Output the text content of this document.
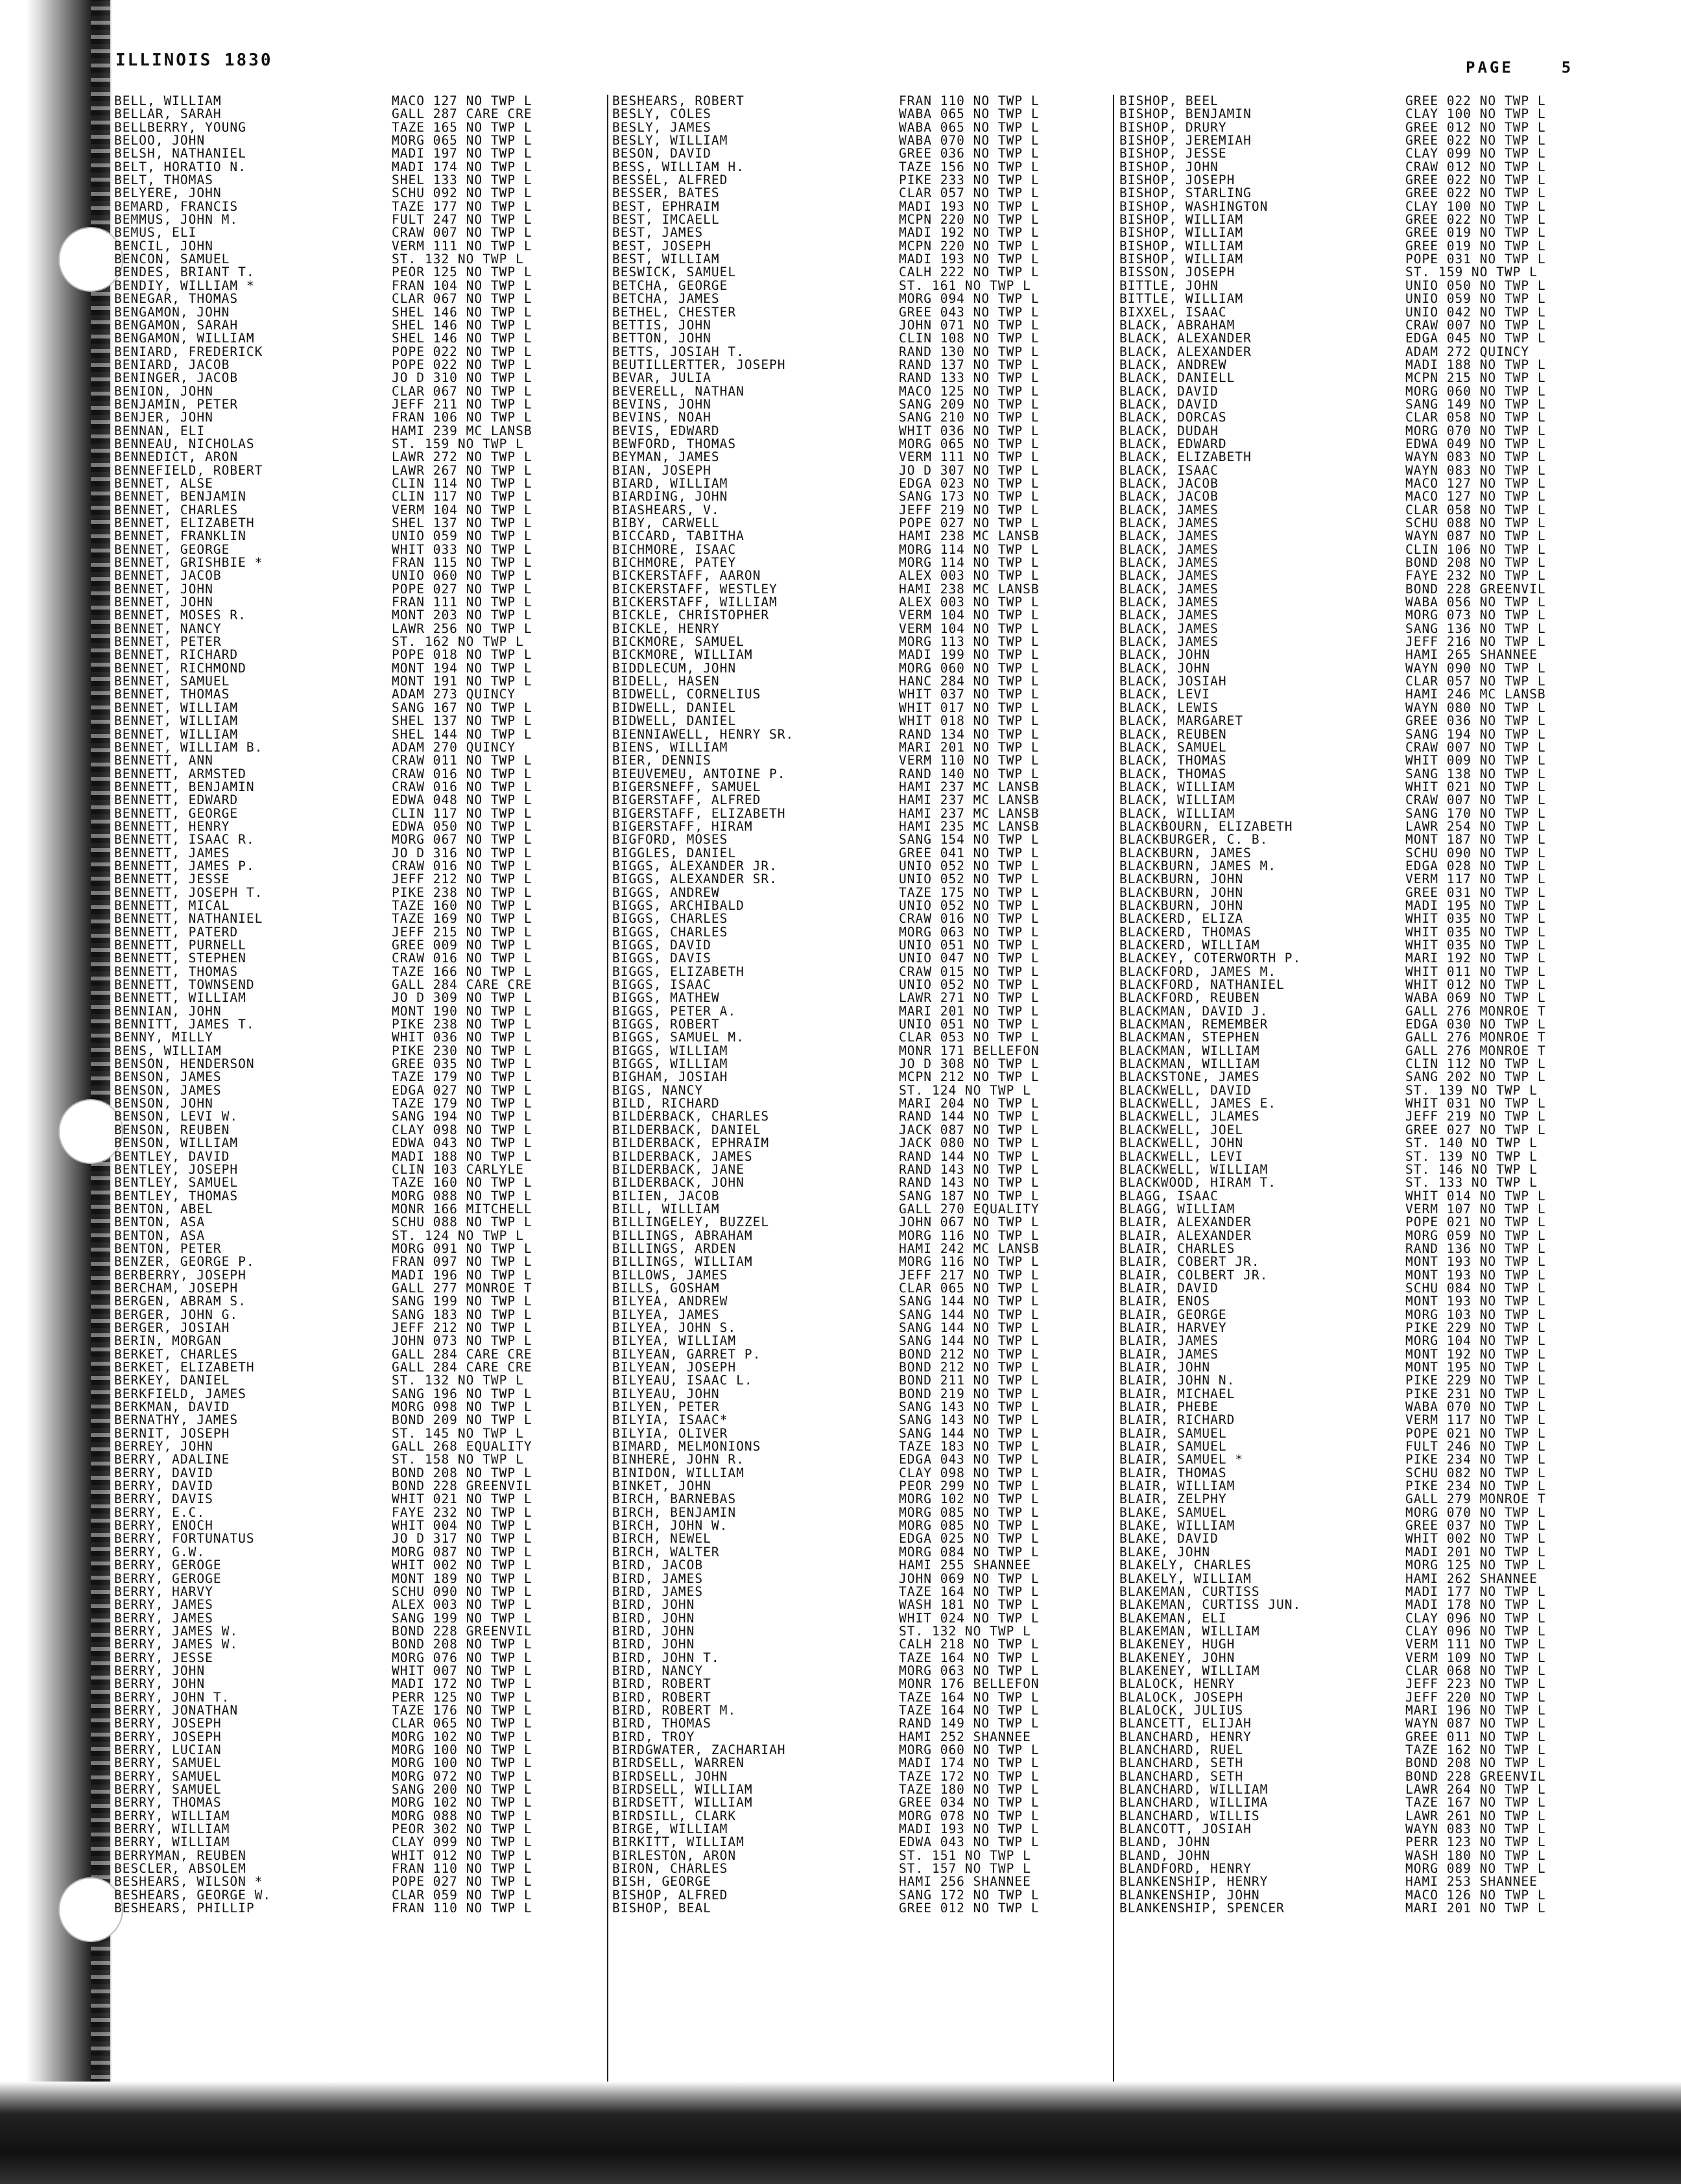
ILLINOIS 1830	PAGE	5
BELL, WILLIAM	MACO 127 NO TWP L	BESHEARS, ROBERT	FRAN 110 NO TWP L	BISHOP, BEEL	GREE 022 NO TWP L
BELLAR, SARAH	GALL 287 CARE CRE	BESLY, COLES	WABA 065 NO TWP L	BISHOP, BENJAMIN	CLAY 100 NO TWP L
BELLBERRY, YOUNG	TAZE 165 NO TWP L	BESLY, JAMES	WABA 065 NO TWP L	BISHOP, DRURY	GREE 012 NO TWP L
BELOO, JOHN	MORG 065 NO TWP L	BESLY, WILLIAM	WABA 070 NO TWP L	BISHOP, JEREMIAH	GREE 022 NO TWP L
BELSH, NATHANIEL	MADI 197 NO TWP L	BESON, DAVID	GREE 036 NO TWP L	BISHOP, JESSE	CLAY 099 NO TWP L
BELT, HORATIO N.	MADI 174 NO TWP L	BESS, WILLIAM H.	TAZE 156 NO TWP L	BISHOP, JOHN	CRAW 012 NO TWP L
BELT, THOMAS	SHEL 133 NO TWP L	BESSEL, ALFRED	PIKE 233 NO TWP L	BISHOP, JOSEPH	GREE 022 NO TWP L
BELYERE, JOHN	SCHU 092 NO TWP L	BESSER, BATES	CLAR 057 NO TWP L	BISHOP, STARLING	GREE 022 NO TWP L
BEMARD, FRANCIS	TAZE 177 NO TWP L	BEST, EPHRAIM	MADI 193 NO TWP L	BISHOP, WASHINGTON	CLAY 100 NO TWP L
BEMMUS, JOHN M.	FULT 247 NO TWP L	BEST, IMCAELL	MCPN 220 NO TWP L	BISHOP, WILLIAM	GREE 022 NO TWP L
BEMUS, ELI	CRAW 007 NO TWP L	BEST, JAMES	MADI 192 NO TWP L	BISHOP, WILLIAM	GREE 019 NO TWP L
BENCIL, JOHN	VERM 111 NO TWP L	BEST, JOSEPH	MCPN 220 NO TWP L	BISHOP, WILLIAM	GREE 019 NO TWP L
BENCON, SAMUEL	ST. 132 NO TWP L	BEST, WILLIAM	MADI 193 NO TWP L	BISHOP, WILLIAM	POPE 031 NO TWP L
BENDES, BRIANT T.	PEOR 125 NO TWP L	BESWICK, SAMUEL	CALH 222 NO TWP L	BISSON, JOSEPH	ST. 159 NO TWP L
BENDIY, WILLIAM *	FRAN 104 NO TWP L	BETCHA, GEORGE	ST. 161 NO TWP L	BITTLE, JOHN	UNIO 050 NO TWP L
BENEGAR, THOMAS	CLAR 067 NO TWP L	BETCHA, JAMES	MORG 094 NO TWP L	BITTLE, WILLIAM	UNIO 059 NO TWP L
BENGAMON, JOHN	SHEL 146 NO TWP L	BETHEL, CHESTER	GREE 043 NO TWP L	BIXXEL, ISAAC	UNIO 042 NO TWP L
BENGAMON, SARAH	SHEL 146 NO TWP L	BETTIS, JOHN	JOHN 071 NO TWP L	BLACK, ABRAHAM	CRAW 007 NO TWP L
BENGAMON, WILLIAM	SHEL 146 NO TWP L	BETTON, JOHN	CLIN 108 NO TWP L	BLACK, ALEXANDER	EDGA 045 NO TWP L
BENIARD, FREDERICK	POPE 022 NO TWP L	BETTS, JOSIAH T.	RAND 130 NO TWP L	BLACK, ALEXANDER	ADAM 272 QUINCY
BENIARD, JACOB	POPE 022 NO TWP L	BEUTILLERTTER, JOSEPH	RAND 137 NO TWP L	BLACK, ANDREW	MADI 188 NO TWP L
BENINGER, JACOB	JO D 310 NO TWP L	BEVAR, JULIA	RAND 133 NO TWP L	BLACK, DANIELL	MCPN 215 NO TWP L
BENION, JOHN	CLAR 067 NO TWP L	BEVERELL, NATHAN	MACO 125 NO TWP L	BLACK, DAVID	MORG 060 NO TWP L
BENJAMIN, PETER	JEFF 211 NO TWP L	BEVINS, JOHN	SANG 209 NO TWP L	BLACK, DAVID	SANG 149 NO TWP L
BENJER, JOHN	FRAN 106 NO TWP L	BEVINS, NOAH	SANG 210 NO TWP L	BLACK, DORCAS	CLAR 058 NO TWP L
BENNAN, ELI	HAMI 239 MC LANSB	BEVIS, EDWARD	WHIT 036 NO TWP L	BLACK, DUDAH	MORG 070 NO TWP L
BENNEAU, NICHOLAS	ST. 159 NO TWP L	BEWFORD, THOMAS	MORG 065 NO TWP L	BLACK, EDWARD	EDWA 049 NO TWP L
BENNEDICT, ARON	LAWR 272 NO TWP L	BEYMAN, JAMES	VERM 111 NO TWP L	BLACK, ELIZABETH	WAYN 083 NO TWP L
BENNEFIELD, ROBERT	LAWR 267 NO TWP L	BIAN, JOSEPH	JO D 307 NO TWP L	BLACK, ISAAC	WAYN 083 NO TWP L
BENNET, ALSE	CLIN 114 NO TWP L	BIARD, WILLIAM	EDGA 023 NO TWP L	BLACK, JACOB	MACO 127 NO TWP L
BENNET, BENJAMIN	CLIN 117 NO TWP L	BIARDING, JOHN	SANG 173 NO TWP L	BLACK, JACOB	MACO 127 NO TWP L
BENNET, CHARLES	VERM 104 NO TWP L	BIASHEARS, V.	JEFF 219 NO TWP L	BLACK, JAMES	CLAR 058 NO TWP L
BENNET, ELIZABETH	SHEL 137 NO TWP L	BIBY, CARWELL	POPE 027 NO TWP L	BLACK, JAMES	SCHU 088 NO TWP L
BENNET, FRANKLIN	UNIO 059 NO TWP L	BICCARD, TABITHA	HAMI 238 MC LANSB	BLACK, JAMES	WAYN 087 NO TWP L
BENNET, GEORGE	WHIT 033 NO TWP L	BICHMORE, ISAAC	MORG 114 NO TWP L	BLACK, JAMES	CLIN 106 NO TWP L
BENNET, GRISHBIE *	FRAN 115 NO TWP L	BICHMORE, PATEY	MORG 114 NO TWP L	BLACK, JAMES	BOND 208 NO TWP L
BENNET, JACOB	UNIO 060 NO TWP L	BICKERSTAFF, AARON	ALEX 003 NO TWP L	BLACK, JAMES	FAYE 232 NO TWP L
BENNET, JOHN	POPE 027 NO TWP L	BICKERSTAFF, WESTLEY	HAMI 238 MC LANSB	BLACK, JAMES	BOND 228 GREENVIL
BENNET, JOHN	FRAN 111 NO TWP L	BICKERSTAFF, WILLIAM	ALEX 003 NO TWP L	BLACK, JAMES	WABA 056 NO TWP L
BENNET, MOSES R.	MONT 203 NO TWP L	BICKLE, CHRISTOPHER	VERM 104 NO TWP L	BLACK, JAMES	MORG 073 NO TWP L
BENNET, NANCY	LAWR 256 NO TWP L	BICKLE, HENRY	VERM 104 NO TWP L	BLACK, JAMES	SANG 136 NO TWP L
BENNET, PETER	ST. 162 NO TWP L	BICKMORE, SAMUEL	MORG 113 NO TWP L	BLACK, JAMES	JEFF 216 NO TWP L
BENNET, RICHARD	POPE 018 NO TWP L	BICKMORE, WILLIAM	MADI 199 NO TWP L	BLACK, JOHN	HAMI 265 SHANNEE
BENNET, RICHMOND	MONT 194 NO TWP L	BIDDLECUM, JOHN	MORG 060 NO TWP L	BLACK, JOHN	WAYN 090 NO TWP L
BENNET, SAMUEL	MONT 191 NO TWP L	BIDELL, HASEN	HANC 284 NO TWP L	BLACK, JOSIAH	CLAR 057 NO TWP L
BENNET, THOMAS	ADAM 273 QUINCY	BIDWELL, CORNELIUS	WHIT 037 NO TWP L	BLACK, LEVI	HAMI 246 MC LANSB
BENNET, WILLIAM	SANG 167 NO TWP L	BIDWELL, DANIEL	WHIT 017 NO TWP L	BLACK, LEWIS	WAYN 080 NO TWP L
BENNET, WILLIAM	SHEL 137 NO TWP L	BIDWELL, DANIEL	WHIT 018 NO TWP L	BLACK, MARGARET	GREE 036 NO TWP L
BENNET, WILLIAM	SHEL 144 NO TWP L	BIENNIAWELL, HENRY SR.	RAND 134 NO TWP L	BLACK, REUBEN	SANG 194 NO TWP L
BENNET, WILLIAM B.	ADAM 270 QUINCY	BIENS, WILLIAM	MARI 201 NO TWP L	BLACK, SAMUEL	CRAW 007 NO TWP L
BENNETT, ANN	CRAW 011 NO TWP L	BIER, DENNIS	VERM 110 NO TWP L	BLACK, THOMAS	WHIT 009 NO TWP L
BENNETT, ARMSTED	CRAW 016 NO TWP L	BIEUVEMEU, ANTOINE P.	RAND 140 NO TWP L	BLACK, THOMAS	SANG 138 NO TWP L
BENNETT, BENJAMIN	CRAW 016 NO TWP L	BIGERSNEFF, SAMUEL	HAMI 237 MC LANSB	BLACK, WILLIAM	WHIT 021 NO TWP L
BENNETT, EDWARD	EDWA 048 NO TWP L	BIGERSTAFF, ALFRED	HAMI 237 MC LANSB	BLACK, WILLIAM	CRAW 007 NO TWP L
BENNETT, GEORGE	CLIN 117 NO TWP L	BIGERSTAFF, ELIZABETH	HAMI 237 MC LANSB	BLACK, WILLIAM	SANG 170 NO TWP L
BENNETT, HENRY	EDWA 050 NO TWP L	BIGERSTAFF, HIRAM	HAMI 235 MC LANSB	BLACKBOURN, ELIZABETH	LAWR 254 NO TWP L
BENNETT, ISAAC R.	MORG 067 NO TWP L	BIGFORD, MOSES	SANG 154 NO TWP L	BLACKBURGER, C. B.	MONT 187 NO TWP L
BENNETT, JAMES	JO D 316 NO TWP L	BIGGLES, DANIEL	GREE 041 NO TWP L	BLACKBURN, JAMES	SCHU 090 NO TWP L
BENNETT, JAMES P.	CRAW 016 NO TWP L	BIGGS, ALEXANDER JR.	UNIO 052 NO TWP L	BLACKBURN, JAMES M.	EDGA 028 NO TWP L
BENNETT, JESSE	JEFF 212 NO TWP L	BIGGS, ALEXANDER SR.	UNIO 052 NO TWP L	BLACKBURN, JOHN	VERM 117 NO TWP L
BENNETT, JOSEPH T.	PIKE 238 NO TWP L	BIGGS, ANDREW	TAZE 175 NO TWP L	BLACKBURN, JOHN	GREE 031 NO TWP L
BENNETT, MICAL	TAZE 160 NO TWP L	BIGGS, ARCHIBALD	UNIO 052 NO TWP L	BLACKBURN, JOHN	MADI 195 NO TWP L
BENNETT, NATHANIEL	TAZE 169 NO TWP L	BIGGS, CHARLES	CRAW 016 NO TWP L	BLACKERD, ELIZA	WHIT 035 NO TWP L
BENNETT, PATERD	JEFF 215 NO TWP L	BIGGS, CHARLES	MORG 063 NO TWP L	BLACKERD, THOMAS	WHIT 035 NO TWP L
BENNETT, PURNELL	GREE 009 NO TWP L	BIGGS, DAVID	UNIO 051 NO TWP L	BLACKERD, WILLIAM	WHIT 035 NO TWP L
BENNETT, STEPHEN	CRAW 016 NO TWP L	BIGGS, DAVIS	UNIO 047 NO TWP L	BLACKEY, COTERWORTH P.	MARI 192 NO TWP L
BENNETT, THOMAS	TAZE 166 NO TWP L	BIGGS, ELIZABETH	CRAW 015 NO TWP L	BLACKFORD, JAMES M.	WHIT 011 NO TWP L
BENNETT, TOWNSEND	GALL 284 CARE CRE	BIGGS, ISAAC	UNIO 052 NO TWP L	BLACKFORD, NATHANIEL	WHIT 012 NO TWP L
BENNETT, WILLIAM	JO D 309 NO TWP L	BIGGS, MATHEW	LAWR 271 NO TWP L	BLACKFORD, REUBEN	WABA 069 NO TWP L
BENNIAN, JOHN	MONT 190 NO TWP L	BIGGS, PETER A.	MARI 201 NO TWP L	BLACKMAN, DAVID J.	GALL 276 MONROE T
BENNITT, JAMES T.	PIKE 238 NO TWP L	BIGGS, ROBERT	UNIO 051 NO TWP L	BLACKMAN, REMEMBER	EDGA 030 NO TWP L
BENNY, MILLY	WHIT 036 NO TWP L	BIGGS, SAMUEL M.	CLAR 053 NO TWP L	BLACKMAN, STEPHEN	GALL 276 MONROE T
BENS, WILLIAM	PIKE 230 NO TWP L	BIGGS, WILLIAM	MONR 171 BELLEFON	BLACKMAN, WILLIAM	GALL 276 MONROE T
BENSON, HENDERSON	GREE 035 NO TWP L	BIGGS, WILLIAM	JO D 308 NO TWP L	BLACKMAN, WILLIAM	CLIN 112 NO TWP L
BENSON, JAMES	TAZE 179 NO TWP L	BIGHAM, JOSIAH	MCPN 212 NO TWP L	BLACKSTONE, JAMES	SANG 202 NO TWP L
BENSON, JAMES	EDGA 027 NO TWP L	BIGS, NANCY	ST. 124 NO TWP L	BLACKWELL, DAVID	ST. 139 NO TWP L
BENSON, JOHN	TAZE 179 NO TWP L	BILD, RICHARD	MARI 204 NO TWP L	BLACKWELL, JAMES E.	WHIT 031 NO TWP L
BENSON, LEVI W.	SANG 194 NO TWP L	BILDERBACK, CHARLES	RAND 144 NO TWP L	BLACKWELL, JLAMES	JEFF 219 NO TWP L
BENSON, REUBEN	CLAY 098 NO TWP L	BILDERBACK, DANIEL	JACK 087 NO TWP L	BLACKWELL, JOEL	GREE 027 NO TWP L
BENSON, WILLIAM	EDWA 043 NO TWP L	BILDERBACK, EPHRAIM	JACK 080 NO TWP L	BLACKWELL, JOHN	ST. 140 NO TWP L
BENTLEY, DAVID	MADI 188 NO TWP L	BILDERBACK, JAMES	RAND 144 NO TWP L	BLACKWELL, LEVI	ST. 139 NO TWP L
BENTLEY, JOSEPH	CLIN 103 CARLYLE	BILDERBACK, JANE	RAND 143 NO TWP L	BLACKWELL, WILLIAM	ST. 146 NO TWP L
BENTLEY, SAMUEL	TAZE 160 NO TWP L	BILDERBACK, JOHN	RAND 143 NO TWP L	BLACKWOOD, HIRAM T.	ST. 133 NO TWP L
BENTLEY, THOMAS	MORG 088 NO TWP L	BILIEN, JACOB	SANG 187 NO TWP L	BLAGG, ISAAC	WHIT 014 NO TWP L
BENTON, ABEL	MONR 166 MITCHELL	BILL, WILLIAM	GALL 270 EQUALITY	BLAGG, WILLIAM	VERM 107 NO TWP L
BENTON, ASA	SCHU 088 NO TWP L	BILLINGELEY, BUZZEL	JOHN 067 NO TWP L	BLAIR, ALEXANDER	POPE 021 NO TWP L
BENTON, ASA	ST. 124 NO TWP L	BILLINGS, ABRAHAM	MORG 116 NO TWP L	BLAIR, ALEXANDER	MORG 059 NO TWP L
BENTON, PETER	MORG 091 NO TWP L	BILLINGS, ARDEN	HAMI 242 MC LANSB	BLAIR, CHARLES	RAND 136 NO TWP L
BENZER, GEORGE P.	FRAN 097 NO TWP L	BILLINGS, WILLIAM	MORG 116 NO TWP L	BLAIR, COBERT JR.	MONT 193 NO TWP L
BERBERRY, JOSEPH	MADI 196 NO TWP L	BILLOWS, JAMES	JEFF 217 NO TWP L	BLAIR, COLBERT JR.	MONT 193 NO TWP L
BERCHAM, JOSEPH	GALL 277 MONROE T	BILLS, GOSHAM	CLAR 065 NO TWP L	BLAIR, DAVID	SCHU 084 NO TWP L
BERGEN, ABRAM S.	SANG 199 NO TWP L	BILYEA, ANDREW	SANG 144 NO TWP L	BLAIR, ENOS	MONT 193 NO TWP L
BERGER, JOHN G.	SANG 183 NO TWP L	BILYEA, JAMES	SANG 144 NO TWP L	BLAIR, GEORGE	MORG 103 NO TWP L
BERGER, JOSIAH	JEFF 212 NO TWP L	BILYEA, JOHN S.	SANG 144 NO TWP L	BLAIR, HARVEY	PIKE 229 NO TWP L
BERIN, MORGAN	JOHN 073 NO TWP L	BILYEA, WILLIAM	SANG 144 NO TWP L	BLAIR, JAMES	MORG 104 NO TWP L
BERKET, CHARLES	GALL 284 CARE CRE	BILYEAN, GARRET P.	BOND 212 NO TWP L	BLAIR, JAMES	MONT 192 NO TWP L
BERKET, ELIZABETH	GALL 284 CARE CRE	BILYEAN, JOSEPH	BOND 212 NO TWP L	BLAIR, JOHN	MONT 195 NO TWP L
BERKEY, DANIEL	ST. 132 NO TWP L	BILYEAU, ISAAC L.	BOND 211 NO TWP L	BLAIR, JOHN N.	PIKE 229 NO TWP L
BERKFIELD, JAMES	SANG 196 NO TWP L	BILYEAU, JOHN	BOND 219 NO TWP L	BLAIR, MICHAEL	PIKE 231 NO TWP L
BERKMAN, DAVID	MORG 098 NO TWP L	BILYEN, PETER	SANG 143 NO TWP L	BLAIR, PHEBE	WABA 070 NO TWP L
BERNATHY, JAMES	BOND 209 NO TWP L	BILYIA, ISAAC*	SANG 143 NO TWP L	BLAIR, RICHARD	VERM 117 NO TWP L
BERNIT, JOSEPH	ST. 145 NO TWP L	BILYIA, OLIVER	SANG 144 NO TWP L	BLAIR, SAMUEL	POPE 021 NO TWP L
BERREY, JOHN	GALL 268 EQUALITY	BIMARD, MELMONIONS	TAZE 183 NO TWP L	BLAIR, SAMUEL	FULT 246 NO TWP L
BERRY, ADALINE	ST. 158 NO TWP L	BINHERE, JOHN R.	EDGA 043 NO TWP L	BLAIR, SAMUEL *	PIKE 234 NO TWP L
BERRY, DAVID	BOND 208 NO TWP L	BINIDON, WILLIAM	CLAY 098 NO TWP L	BLAIR, THOMAS	SCHU 082 NO TWP L
BERRY, DAVID	BOND 228 GREENVIL	BINKET, JOHN	PEOR 299 NO TWP L	BLAIR, WILLIAM	PIKE 234 NO TWP L
BERRY, DAVIS	WHIT 021 NO TWP L	BIRCH, BARNEBAS	MORG 102 NO TWP L	BLAIR, ZELPHY	GALL 279 MONROE T
BERRY, E.C.	FAYE 232 NO TWP L	BIRCH, BENJAMIN	MORG 085 NO TWP L	BLAKE, SAMUEL	MORG 070 NO TWP L
BERRY, ENOCH	WHIT 004 NO TWP L	BIRCH, JOHN W.	MORG 085 NO TWP L	BLAKE, WILLIAM	GREE 037 NO TWP L
BERRY, FORTUNATUS	JO D 317 NO TWP L	BIRCH, NEWEL	EDGA 025 NO TWP L	BLAKE, DAVID	WHIT 002 NO TWP L
BERRY, G.W.	MORG 087 NO TWP L	BIRCH, WALTER	MORG 084 NO TWP L	BLAKE, JOHN	MADI 201 NO TWP L
BERRY, GEROGE	WHIT 002 NO TWP L	BIRD, JACOB	HAMI 255 SHANNEE	BLAKELY, CHARLES	MORG 125 NO TWP L
BERRY, GEROGE	MONT 189 NO TWP L	BIRD, JAMES	JOHN 069 NO TWP L	BLAKELY, WILLIAM	HAMI 262 SHANNEE
BERRY, HARVY	SCHU 090 NO TWP L	BIRD, JAMES	TAZE 164 NO TWP L	BLAKEMAN, CURTISS	MADI 177 NO TWP L
BERRY, JAMES	ALEX 003 NO TWP L	BIRD, JOHN	WASH 181 NO TWP L	BLAKEMAN, CURTISS JUN.	MADI 178 NO TWP L
BERRY, JAMES	SANG 199 NO TWP L	BIRD, JOHN	WHIT 024 NO TWP L	BLAKEMAN, ELI	CLAY 096 NO TWP L
BERRY, JAMES W.	BOND 228 GREENVIL	BIRD, JOHN	ST. 132 NO TWP L	BLAKEMAN, WILLIAM	CLAY 096 NO TWP L
BERRY, JAMES W.	BOND 208 NO TWP L	BIRD, JOHN	CALH 218 NO TWP L	BLAKENEY, HUGH	VERM 111 NO TWP L
BERRY, JESSE	MORG 076 NO TWP L	BIRD, JOHN T.	TAZE 164 NO TWP L	BLAKENEY, JOHN	VERM 109 NO TWP L
BERRY, JOHN	WHIT 007 NO TWP L	BIRD, NANCY	MORG 063 NO TWP L	BLAKENEY, WILLIAM	CLAR 068 NO TWP L
BERRY, JOHN	MADI 172 NO TWP L	BIRD, ROBERT	MONR 176 BELLEFON	BLALOCK, HENRY	JEFF 223 NO TWP L
BERRY, JOHN T.	PERR 125 NO TWP L	BIRD, ROBERT	TAZE 164 NO TWP L	BLALOCK, JOSEPH	JEFF 220 NO TWP L
BERRY, JONATHAN	TAZE 176 NO TWP L	BIRD, ROBERT M.	TAZE 164 NO TWP L	BLALOCK, JULIUS	MARI 196 NO TWP L
BERRY, JOSEPH	CLAR 065 NO TWP L	BIRD, THOMAS	RAND 149 NO TWP L	BLANCETT, ELIJAH	WAYN 087 NO TWP L
BERRY, JOSEPH	MORG 102 NO TWP L	BIRD, TROY	HAMI 252 SHANNEE	BLANCHARD, HENRY	GREE 011 NO TWP L
BERRY, LUCIAN	MORG 100 NO TWP L	BIRDGWATER, ZACHARIAH	MORG 060 NO TWP L	BLANCHARD, RUEL	TAZE 162 NO TWP L
BERRY, SAMUEL	MORG 100 NO TWP L	BIRDSELL, WARREN	MADI 174 NO TWP L	BLANCHARD, SETH	BOND 208 NO TWP L
BERRY, SAMUEL	MORG 072 NO TWP L	BIRDSELL, JOHN	TAZE 172 NO TWP L	BLANCHARD, SETH	BOND 228 GREENVIL
BERRY, SAMUEL	SANG 200 NO TWP L	BIRDSELL, WILLIAM	TAZE 180 NO TWP L	BLANCHARD, WILLIAM	LAWR 264 NO TWP L
BERRY, THOMAS	MORG 102 NO TWP L	BIRDSETT, WILLIAM	GREE 034 NO TWP L	BLANCHARD, WILLIMA	TAZE 167 NO TWP L
BERRY, WILLIAM	MORG 088 NO TWP L	BIRDSILL, CLARK	MORG 078 NO TWP L	BLANCHARD, WILLIS	LAWR 261 NO TWP L
BERRY, WILLIAM	PEOR 302 NO TWP L	BIRGE, WILLIAM	MADI 193 NO TWP L	BLANCOTT, JOSIAH	WAYN 083 NO TWP L
BERRY, WILLIAM	CLAY 099 NO TWP L	BIRKITT, WILLIAM	EDWA 043 NO TWP L	BLAND, JOHN	PERR 123 NO TWP L
BERRYMAN, REUBEN	WHIT 012 NO TWP L	BIRLESTON, ARON	ST. 151 NO TWP L	BLAND, JOHN	WASH 180 NO TWP L
BESCLER, ABSOLEM	FRAN 110 NO TWP L	BIRON, CHARLES	ST. 157 NO TWP L	BLANDFORD, HENRY	MORG 089 NO TWP L
BESHEARS, WILSON *	POPE 027 NO TWP L	BISH, GEORGE	HAMI 256 SHANNEE	BLANKENSHIP, HENRY	HAMI 253 SHANNEE
BESHEARS, GEORGE W.	CLAR 059 NO TWP L	BISHOP, ALFRED	SANG 172 NO TWP L	BLANKENSHIP, JOHN	MACO 126 NO TWP L
BESHEARS, PHILLIP	FRAN 110 NO TWP L	BISHOP, BEAL	GREE 012 NO TWP L	BLANKENSHIP, SPENCER	MARI 201 NO TWP L
